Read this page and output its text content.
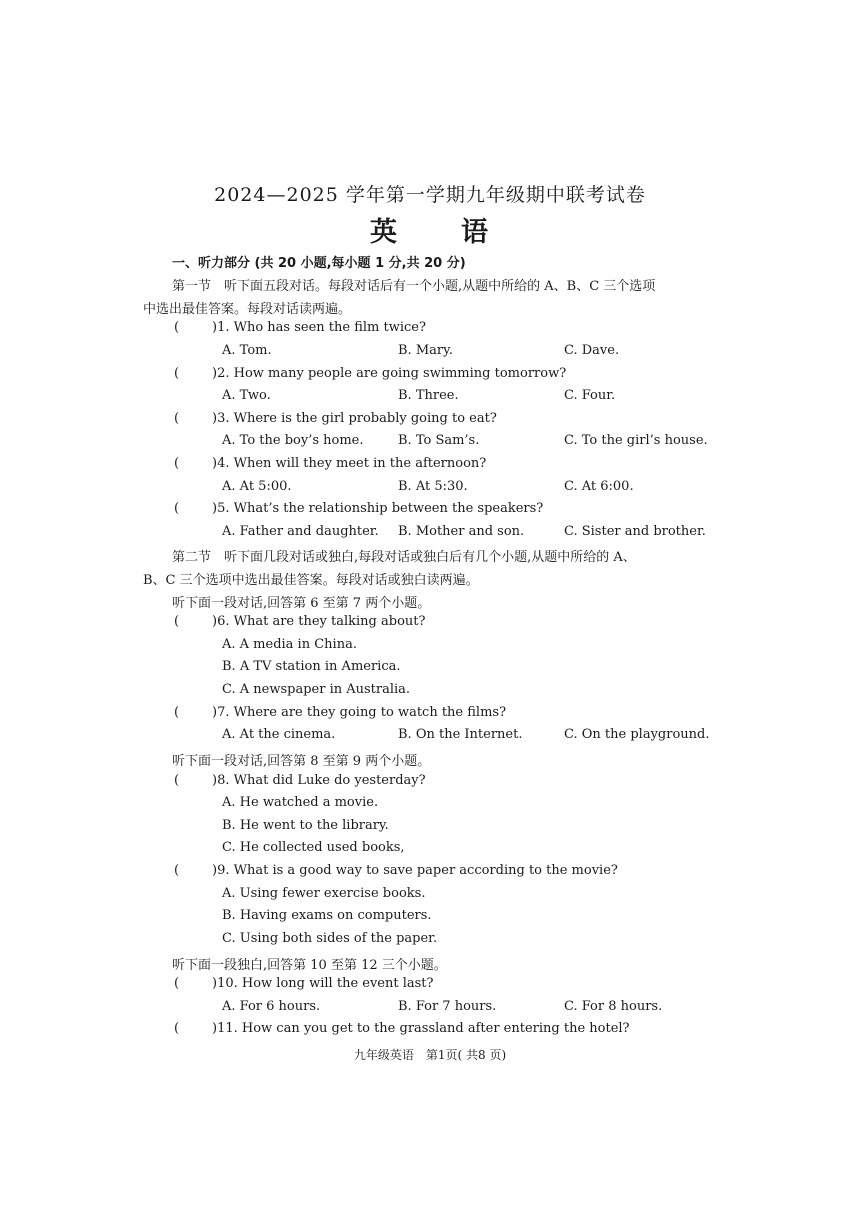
2024—2025 学年第一学期九年级期中联考试卷
英 语
一、听力部分 (共 20 小题,每小题 1 分,共 20 分)
第一节　听下面五段对话。每段对话后有一个小题,从题中所给的 A、B、C 三个选项
中选出最佳答案。每段对话读两遍。
(	)1. Who has seen the film twice?
A. Tom.	B. Mary.	C. Dave.
(	)2. How many people are going swimming tomorrow?
A. Two.	B. Three.	C. Four.
(	)3. Where is the girl probably going to eat?
A. To the boy’s home.	B. To Sam’s.	C. To the girl’s house.
(	)4. When will they meet in the afternoon?
A. At 5:00.	B. At 5:30.	C. At 6:00.
(	)5. What’s the relationship between the speakers?
A. Father and daughter. B. Mother and son.	C. Sister and brother.
第二节　听下面几段对话或独白,每段对话或独白后有几个小题,从题中所给的 A、
B、C 三个选项中选出最佳答案。每段对话或独白读两遍。
听下面一段对话,回答第 6 至第 7 两个小题。
(	)6. What are they talking about?
A. A media in China.
B. A TV station in America.
C. A newspaper in Australia.
(	)7. Where are they going to watch the films?
A. At the cinema.	B. On the Internet.	C. On the playground.
听下面一段对话,回答第 8 至第 9 两个小题。
(	)8. What did Luke do yesterday?
A. He watched a movie.
B. He went to the library.
C. He collected used books,
(	)9. What is a good way to save paper according to the movie?
A. Using fewer exercise books.
B. Having exams on computers.
C. Using both sides of the paper.
听下面一段独白,回答第 10 至第 12 三个小题。
(	)10. How long will the event last?
A. For 6 hours.	B. For 7 hours.	C. For 8 hours.
(	)11. How can you get to the grassland after entering the hotel?
九年级英语　第1页( 共8 页)
